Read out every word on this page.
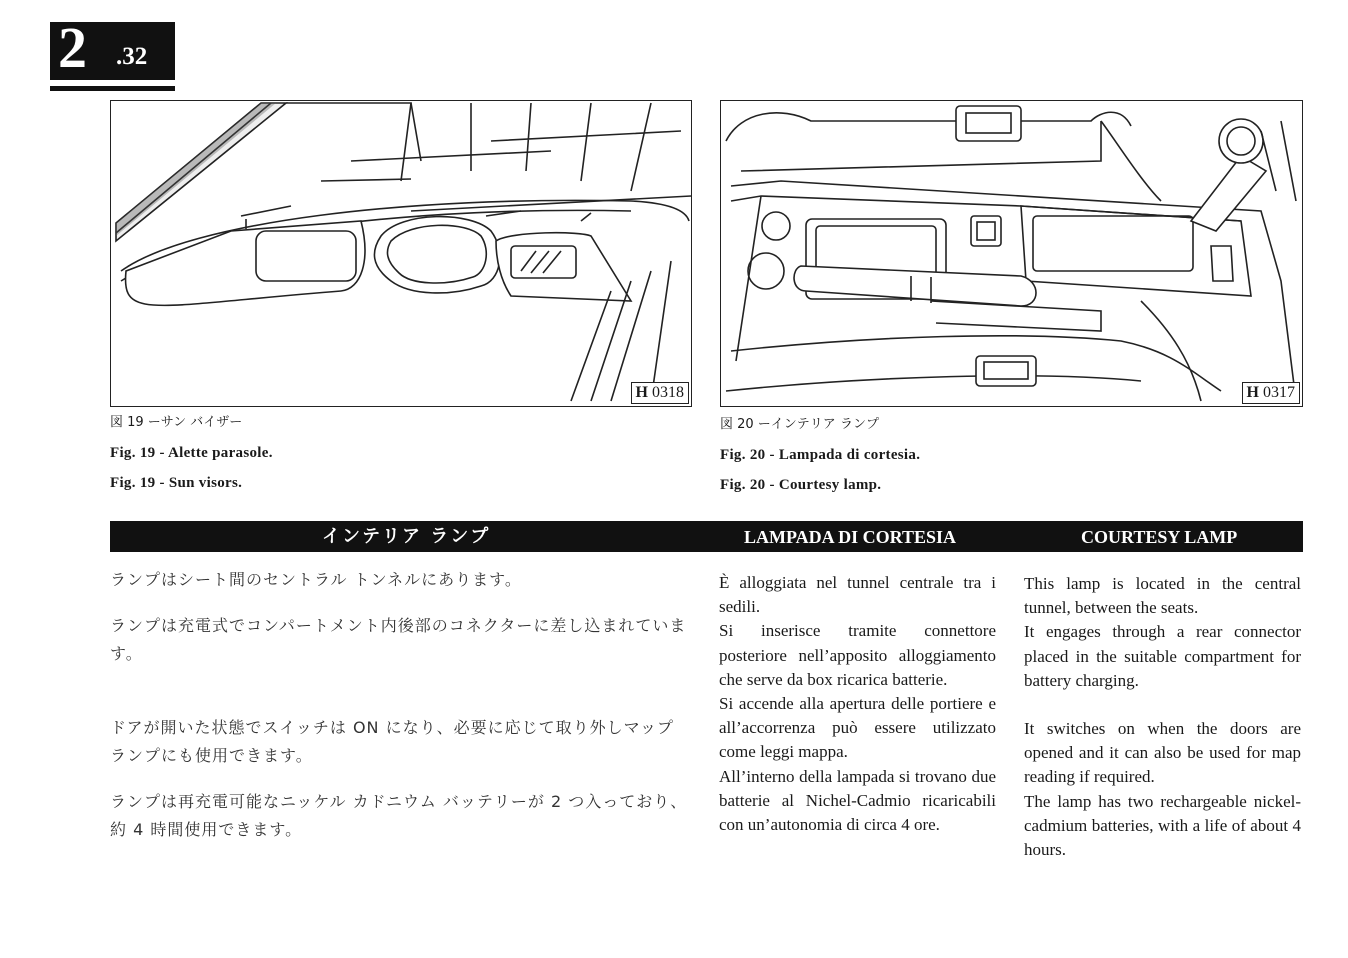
2 .32
H 0318	H 0317
図 19 ーサン バイザー
Fig. 19 - Alette parasole.
Fig. 19 - Sun visors.
図 20 ーインテリア ランプ
Fig. 20 - Lampada di cortesia.
Fig. 20 - Courtesy lamp.
インテリア ランプ	LAMPADA DI CORTESIA	COURTESY LAMP

ランプはシート間のセントラル トンネルにあります。

ランプは充電式でコンパートメント内後部のコネクターに差し込まれています。

ドアが開いた状態でスイッチは ON になり、必要に応じて取り外しマップ ランプにも使用できます。

ランプは再充電可能なニッケル カドニウム バッテリーが 2 つ入っており、約 4 時間使用できます。

È alloggiata nel tunnel centrale tra i sedili.

Si inserisce tramite connettore posteriore nell’apposito alloggiamento che serve da box ricarica batterie.

Si accende alla apertura delle portiere e all’accorrenza può essere utilizzato come leggi mappa.

All’interno della lampada si trovano due batterie al Nichel-Cadmio ricaricabili con un’autonomia di circa 4 ore.

This lamp is located in the central tunnel, between the seats.

It engages through a rear connector placed in the suitable compartment for battery charging.

It switches on when the doors are opened and it can also be used for map reading if required.

The lamp has two rechargeable nickel-cadmium batteries, with a life of about 4 hours.
